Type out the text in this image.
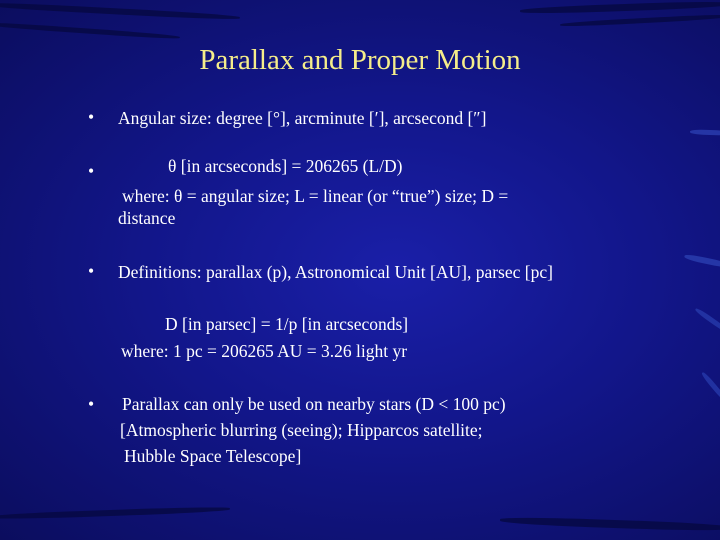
Parallax and Proper Motion
• Angular size: degree [°], arcminute [′], arcsecond [″]
•	θ [in arcseconds] = 206265 (L/D)
where: θ = angular size; L = linear (or “true”) size; D =
distance
• Definitions: parallax (p), Astronomical Unit [AU], parsec [pc]
D [in parsec] = 1/p [in arcseconds]
where: 1 pc = 206265 AU = 3.26 light yr
• Parallax can only be used on nearby stars (D < 100 pc)
[Atmospheric blurring (seeing); Hipparcos satellite;
Hubble Space Telescope]
